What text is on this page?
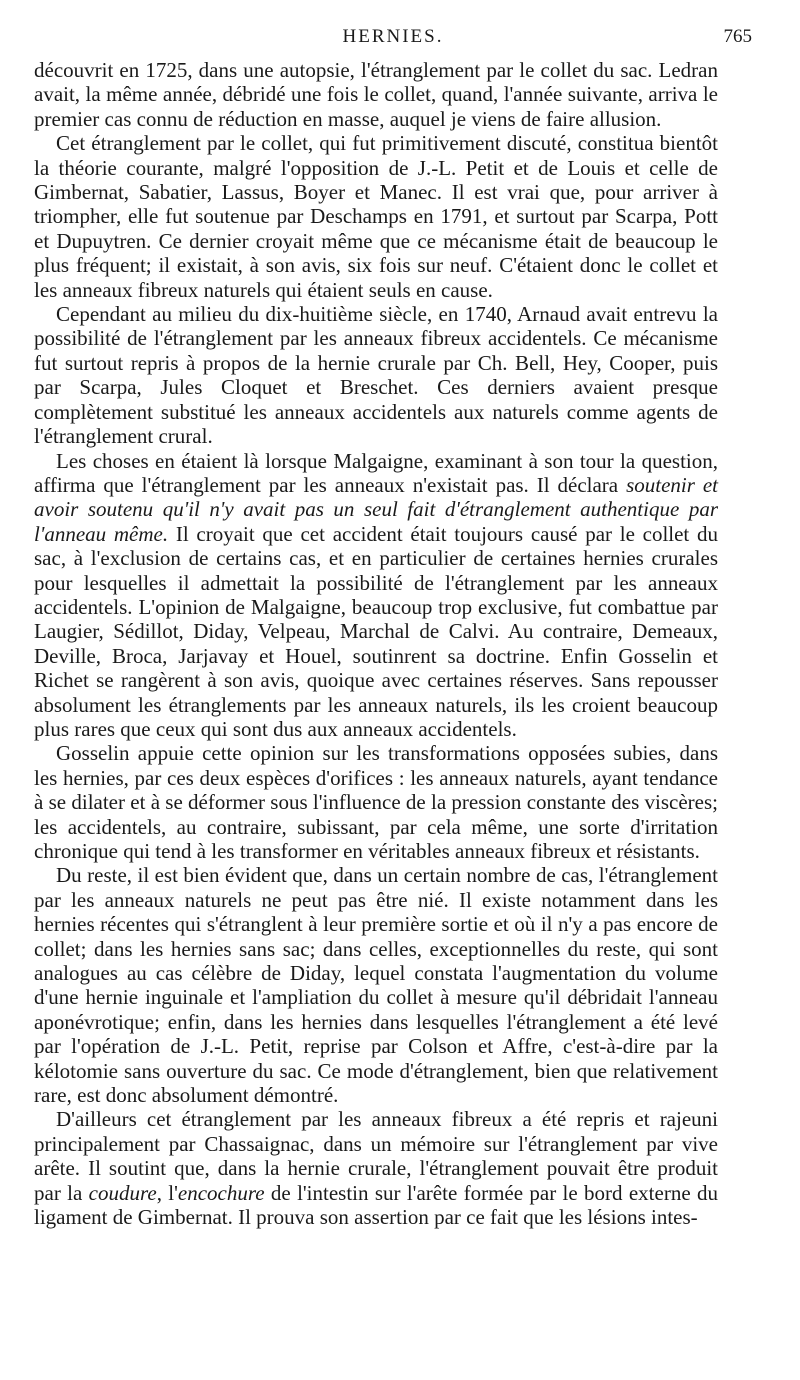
HERNIES.	765

découvrit en 1725, dans une autopsie, l'étranglement par le collet du sac. Ledran avait, la même année, débridé une fois le collet, quand, l'année suivante, arriva le premier cas connu de réduction en masse, auquel je viens de faire allusion.

Cet étranglement par le collet, qui fut primitivement discuté, constitua bientôt la théorie courante, malgré l'opposition de J.-L. Petit et de Louis et celle de Gimbernat, Sabatier, Lassus, Boyer et Manec. Il est vrai que, pour arriver à triompher, elle fut soutenue par Deschamps en 1791, et surtout par Scarpa, Pott et Dupuytren. Ce dernier croyait même que ce mécanisme était de beaucoup le plus fréquent; il existait, à son avis, six fois sur neuf. C'étaient donc le collet et les anneaux fibreux naturels qui étaient seuls en cause.

Cependant au milieu du dix-huitième siècle, en 1740, Arnaud avait entrevu la possibilité de l'étranglement par les anneaux fibreux accidentels. Ce mécanisme fut surtout repris à propos de la hernie crurale par Ch. Bell, Hey, Cooper, puis par Scarpa, Jules Cloquet et Breschet. Ces derniers avaient presque complètement substitué les anneaux accidentels aux naturels comme agents de l'étranglement crural.

Les choses en étaient là lorsque Malgaigne, examinant à son tour la question, affirma que l'étranglement par les anneaux n'existait pas. Il déclara soutenir et avoir soutenu qu'il n'y avait pas un seul fait d'étranglement authentique par l'anneau même. Il croyait que cet accident était toujours causé par le collet du sac, à l'exclusion de certains cas, et en particulier de certaines hernies crurales pour lesquelles il admettait la possibilité de l'étranglement par les anneaux accidentels. L'opinion de Malgaigne, beaucoup trop exclusive, fut combattue par Laugier, Sédillot, Diday, Velpeau, Marchal de Calvi. Au contraire, Demeaux, Deville, Broca, Jarjavay et Houel, soutinrent sa doctrine. Enfin Gosselin et Richet se rangèrent à son avis, quoique avec certaines réserves. Sans repousser absolument les étranglements par les anneaux naturels, ils les croient beaucoup plus rares que ceux qui sont dus aux anneaux accidentels.

Gosselin appuie cette opinion sur les transformations opposées subies, dans les hernies, par ces deux espèces d'orifices : les anneaux naturels, ayant tendance à se dilater et à se déformer sous l'influence de la pression constante des viscères; les accidentels, au contraire, subissant, par cela même, une sorte d'irritation chronique qui tend à les transformer en véritables anneaux fibreux et résistants.

Du reste, il est bien évident que, dans un certain nombre de cas, l'étranglement par les anneaux naturels ne peut pas être nié. Il existe notamment dans les hernies récentes qui s'étranglent à leur première sortie et où il n'y a pas encore de collet; dans les hernies sans sac; dans celles, exceptionnelles du reste, qui sont analogues au cas célèbre de Diday, lequel constata l'augmentation du volume d'une hernie inguinale et l'ampliation du collet à mesure qu'il débridait l'anneau aponévrotique; enfin, dans les hernies dans lesquelles l'étranglement a été levé par l'opération de J.-L. Petit, reprise par Colson et Affre, c'est-à-dire par la kélotomie sans ouverture du sac. Ce mode d'étranglement, bien que relativement rare, est donc absolument démontré.

D'ailleurs cet étranglement par les anneaux fibreux a été repris et rajeuni principalement par Chassaignac, dans un mémoire sur l'étranglement par vive arête. Il soutint que, dans la hernie crurale, l'étranglement pouvait être produit par la coudure, l'encochure de l'intestin sur l'arête formée par le bord externe du ligament de Gimbernat. Il prouva son assertion par ce fait que les lésions intes-
